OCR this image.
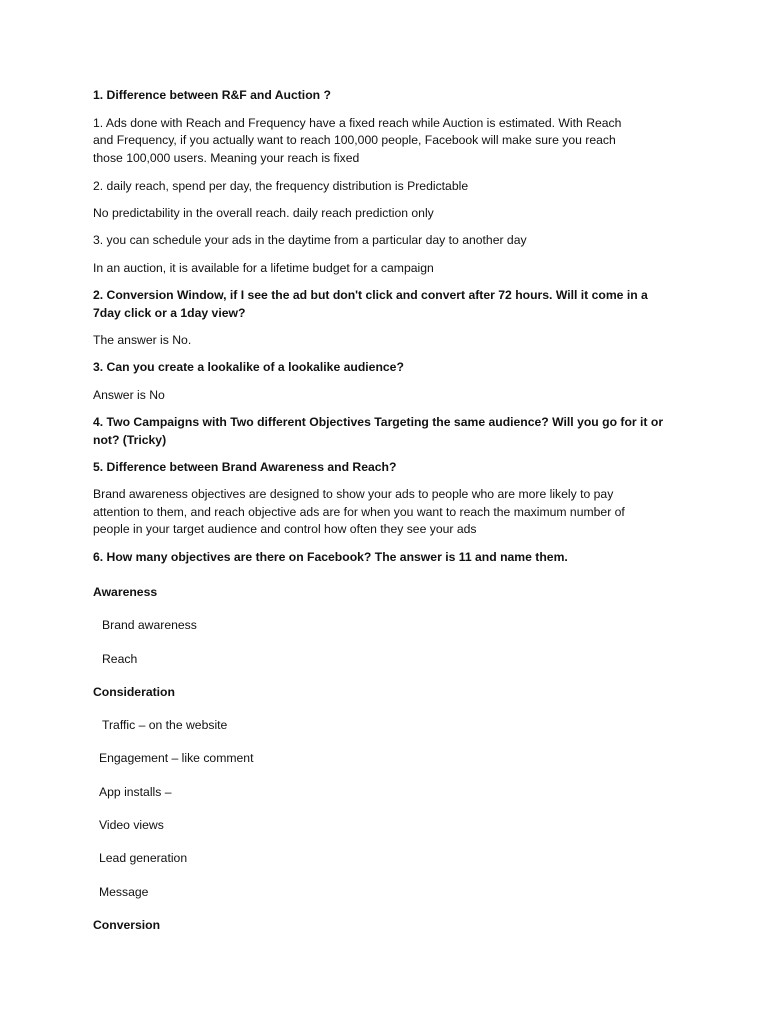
1. Difference between R&F and Auction ?
1. Ads done with Reach and Frequency have a fixed reach while Auction is estimated. With Reach
and Frequency, if you actually want to reach 100,000 people, Facebook will make sure you reach
those 100,000 users. Meaning your reach is fixed
2. daily reach, spend per day, the frequency distribution is Predictable
No predictability in the overall reach. daily reach prediction only
3. you can schedule your ads in the daytime from a particular day to another day
In an auction, it is available for a lifetime budget for a campaign
2. Conversion Window, if I see the ad but don't click and convert after 72 hours. Will it come in a
7day click or a 1day view?
The answer is No.
3. Can you create a lookalike of a lookalike audience?
Answer is No
4. Two Campaigns with Two different Objectives Targeting the same audience? Will you go for it or
not? (Tricky)
5. Difference between Brand Awareness and Reach?
Brand awareness objectives are designed to show your ads to people who are more likely to pay
attention to them, and reach objective ads are for when you want to reach the maximum number of
people in your target audience and control how often they see your ads
6. How many objectives are there on Facebook? The answer is 11 and name them.
Awareness
Brand awareness
Reach
Consideration
Traffic – on the website
Engagement – like comment
App installs –
Video views
Lead generation
Message
Conversion
